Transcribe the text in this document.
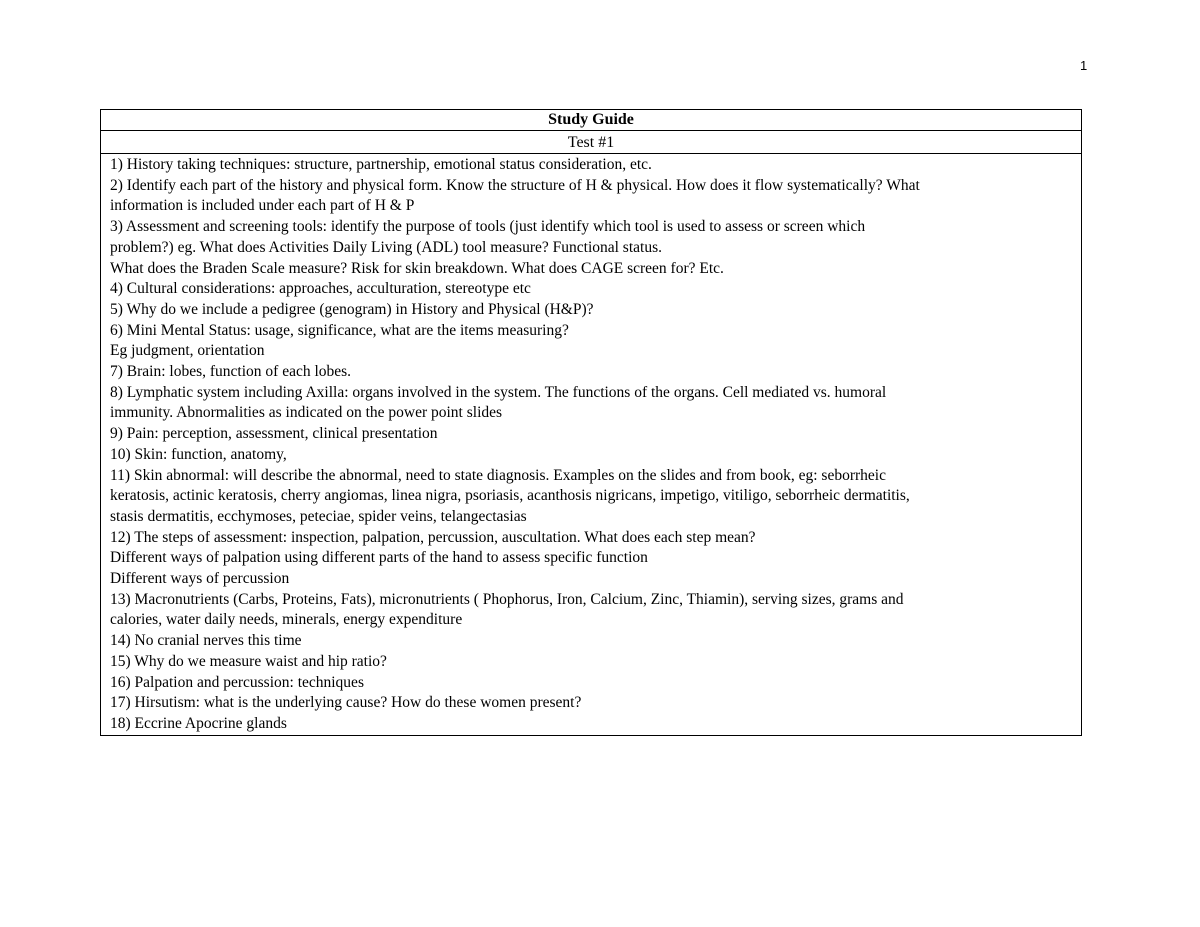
1
Study Guide
Test #1
1) History taking techniques: structure, partnership, emotional status consideration, etc.
2) Identify each part of the history and physical form. Know the structure of H & physical. How does it flow systematically? What
information is included under each part of H & P
3) Assessment and screening tools: identify the purpose of tools (just identify which tool is used to assess or screen which
problem?) eg. What does Activities Daily Living (ADL) tool measure? Functional status.
What does the Braden Scale measure? Risk for skin breakdown. What does CAGE screen for? Etc.
4) Cultural considerations: approaches, acculturation, stereotype etc
5) Why do we include a pedigree (genogram) in History and Physical (H&P)?
6) Mini Mental Status: usage, significance, what are the items measuring?
Eg judgment, orientation
7) Brain: lobes, function of each lobes.
8) Lymphatic system including Axilla: organs involved in the system. The functions of the organs. Cell mediated vs. humoral
immunity. Abnormalities as indicated on the power point slides
9) Pain: perception, assessment, clinical presentation
10) Skin: function, anatomy,
11) Skin abnormal: will describe the abnormal, need to state diagnosis. Examples on the slides and from book, eg: seborrheic
keratosis, actinic keratosis, cherry angiomas, linea nigra, psoriasis, acanthosis nigricans, impetigo, vitiligo, seborrheic dermatitis,
stasis dermatitis, ecchymoses, peteciae, spider veins, telangectasias
12) The steps of assessment: inspection, palpation, percussion, auscultation. What does each step mean?
Different ways of palpation using different parts of the hand to assess specific function
Different ways of percussion
13) Macronutrients (Carbs, Proteins, Fats), micronutrients ( Phophorus, Iron, Calcium, Zinc, Thiamin), serving sizes, grams and
calories, water daily needs, minerals, energy expenditure
14) No cranial nerves this time
15) Why do we measure waist and hip ratio?
16) Palpation and percussion: techniques
17) Hirsutism: what is the underlying cause? How do these women present?
18) Eccrine Apocrine glands
